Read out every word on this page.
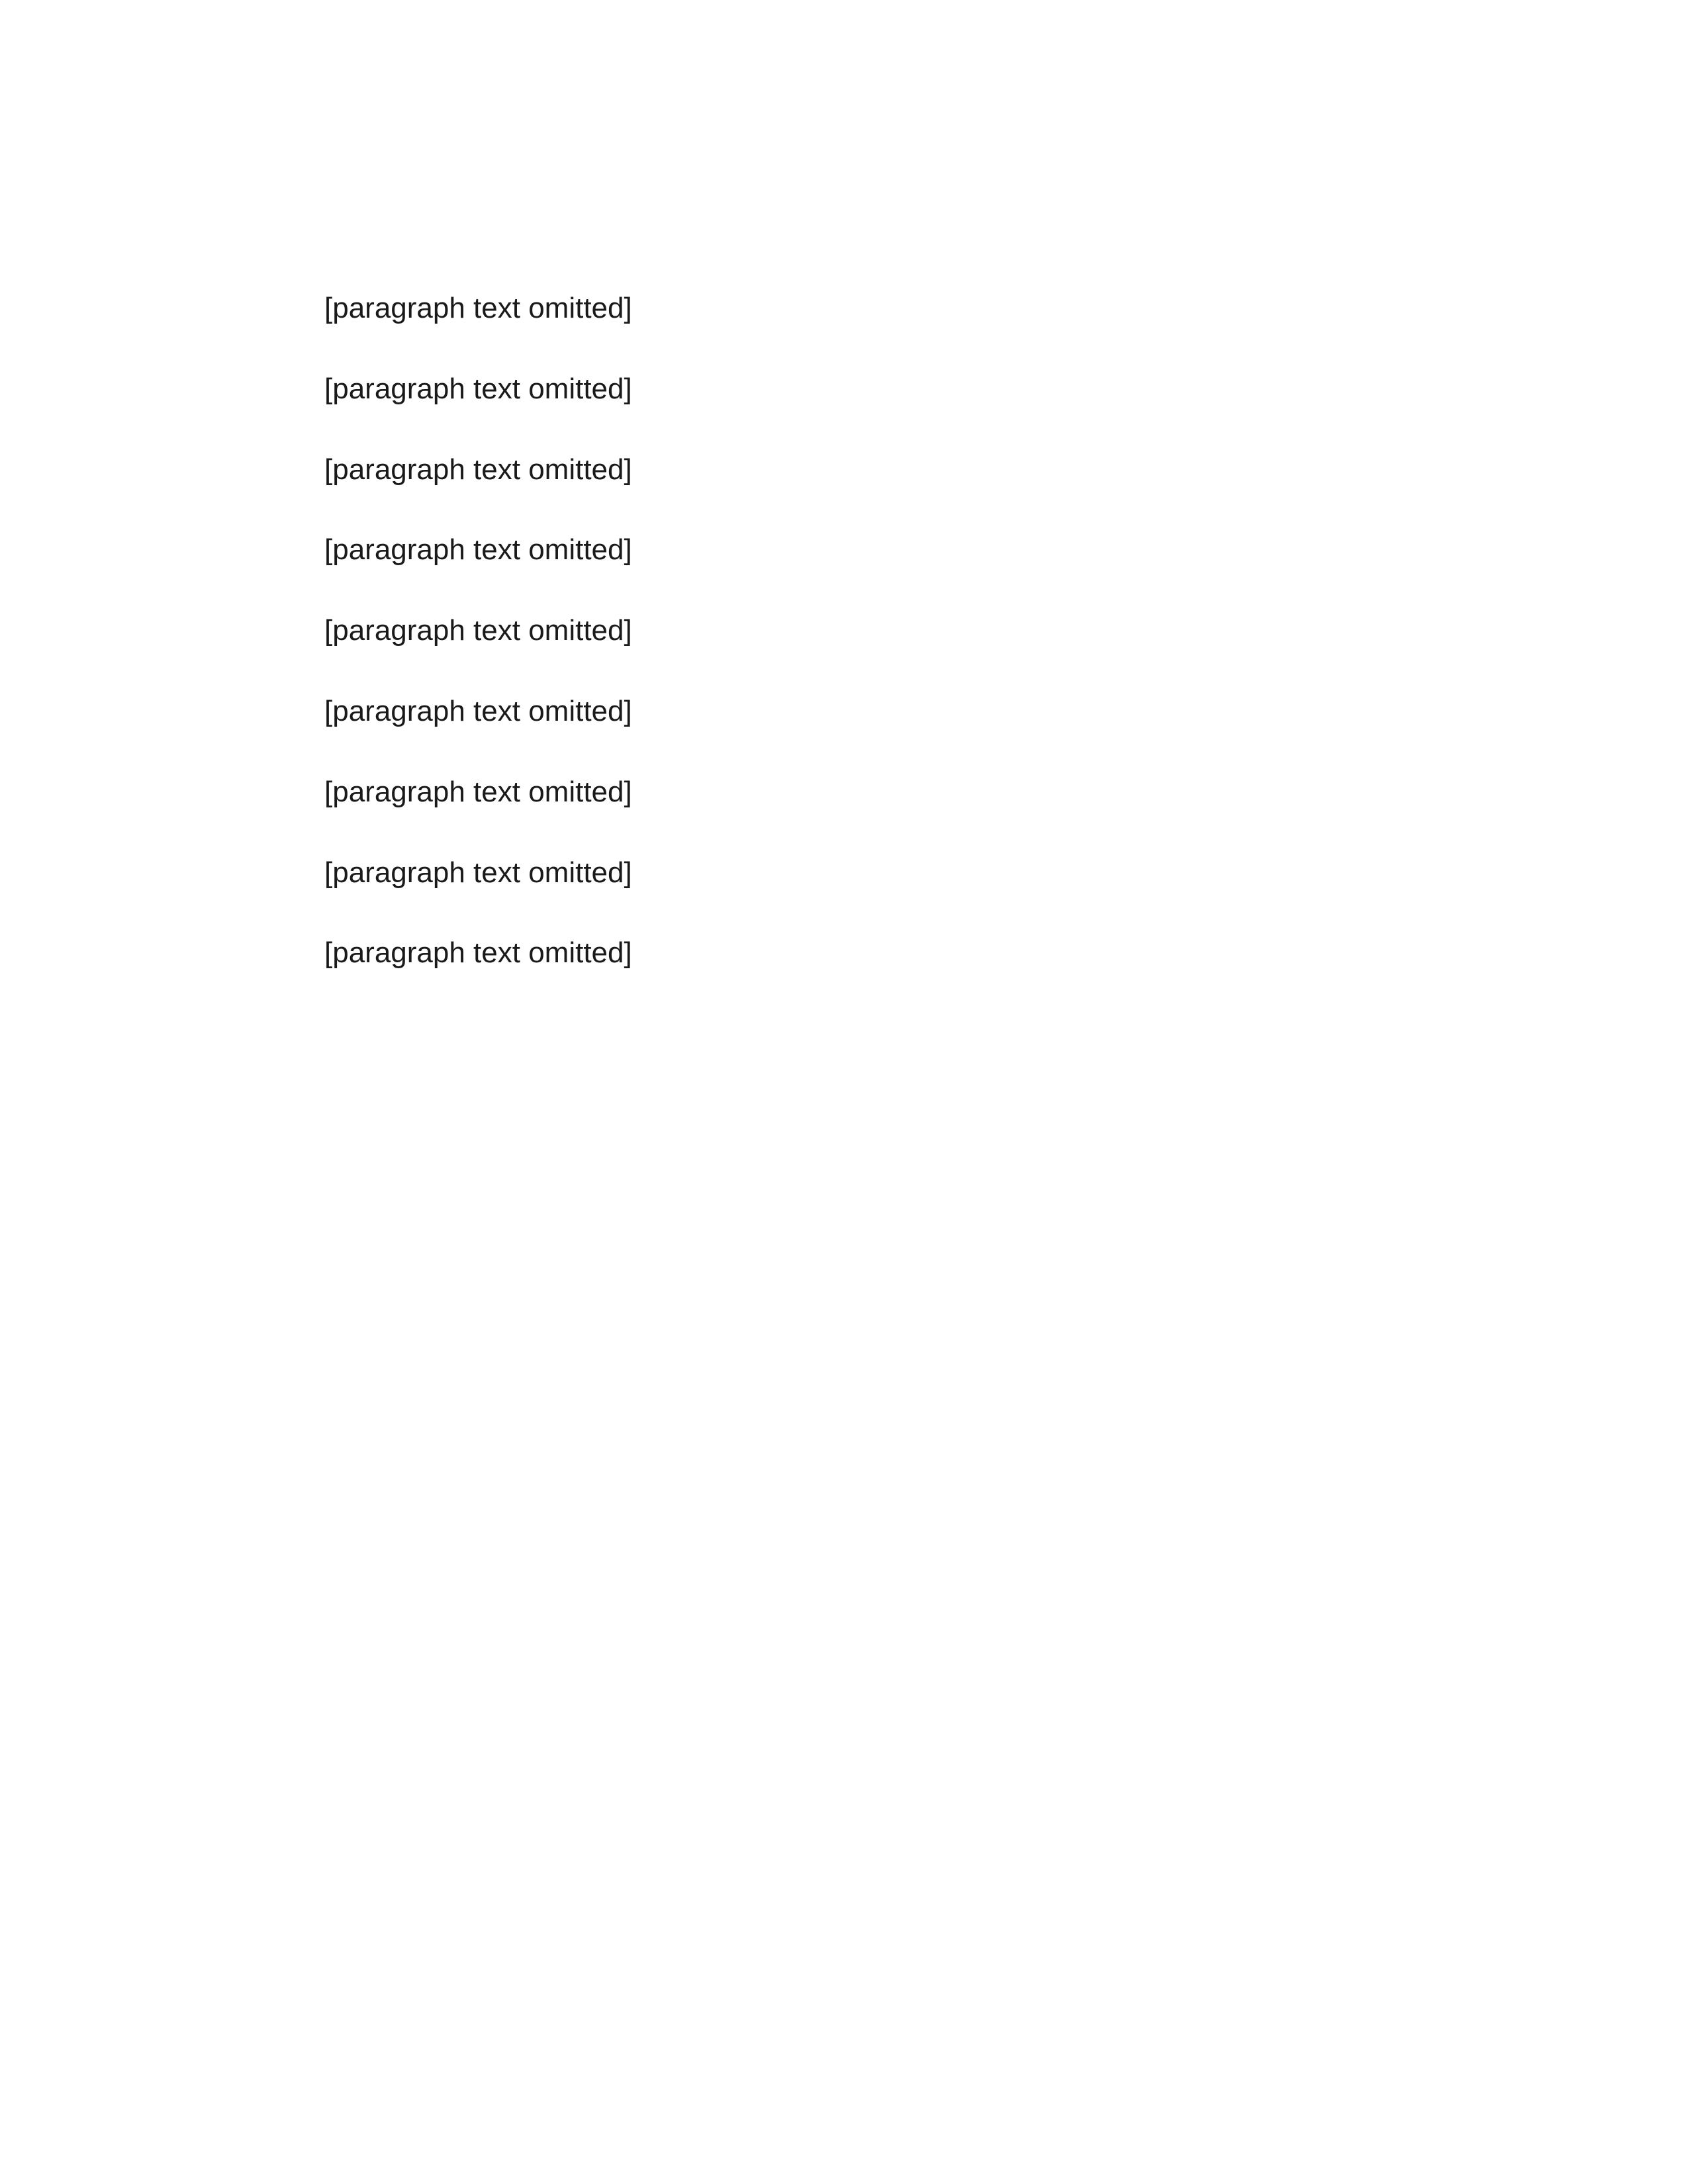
[paragraph text omitted]

[paragraph text omitted]

[paragraph text omitted]

[paragraph text omitted]

[paragraph text omitted]

[paragraph text omitted]

[paragraph text omitted]

[paragraph text omitted]

[paragraph text omitted]
